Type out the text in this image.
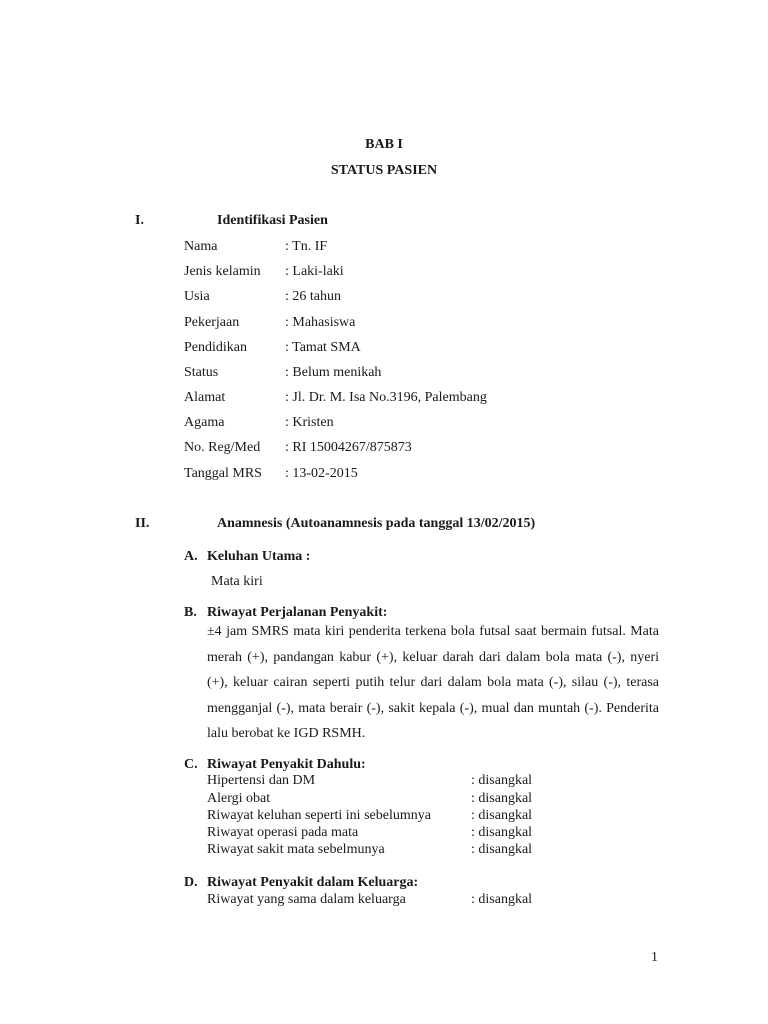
BAB I
STATUS PASIEN
I.	Identifikasi Pasien
Nama	: Tn. IF
Jenis kelamin : Laki-laki
Usia	: 26 tahun
Pekerjaan	: Mahasiswa
Pendidikan	: Tamat SMA
Status	: Belum menikah
Alamat	: Jl. Dr. M. Isa No.3196, Palembang
Agama	: Kristen
No. Reg/Med : RI 15004267/875873
Tanggal MRS : 13-02-2015
II.	Anamnesis (Autoanamnesis pada tanggal 13/02/2015)
A. Keluhan Utama :
Mata kiri
B. Riwayat Perjalanan Penyakit:
±4 jam SMRS mata kiri penderita terkena bola futsal saat bermain futsal. Mata merah (+), pandangan kabur (+), keluar darah dari dalam bola mata (-), nyeri (+), keluar cairan seperti putih telur dari dalam bola mata (-), silau (-), terasa mengganjal (-), mata berair (-), sakit kepala (-), mual dan muntah (-). Penderita lalu berobat ke IGD RSMH.
C. Riwayat Penyakit Dahulu:
Hipertensi dan DM	: disangkal
Alergi obat	: disangkal
Riwayat keluhan seperti ini sebelumnya	: disangkal
Riwayat operasi pada mata	: disangkal
Riwayat sakit mata sebelmunya	: disangkal
D. Riwayat Penyakit dalam Keluarga:
Riwayat yang sama dalam keluarga	: disangkal
1
